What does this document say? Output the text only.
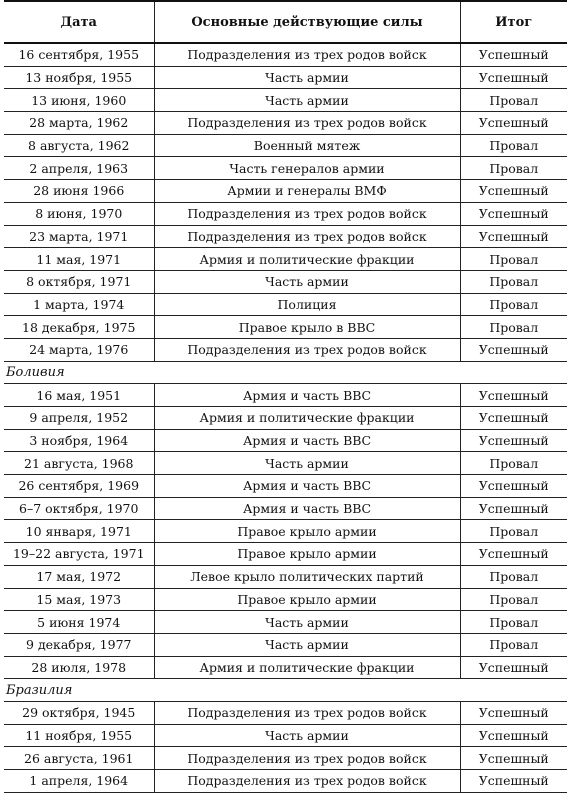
Дата	Основные действующие силы	Итог
16 сентября, 1955	Подразделения из трех родов войск	Успешный
13 ноября, 1955	Часть армии	Успешный
13 июня, 1960	Часть армии	Провал
28 марта, 1962	Подразделения из трех родов войск	Успешный
8 августа, 1962	Военный мятеж	Провал
2 апреля, 1963	Часть генералов армии	Провал
28 июня 1966	Армии и генералы ВМФ	Успешный
8 июня, 1970	Подразделения из трех родов войск	Успешный
23 марта, 1971	Подразделения из трех родов войск	Успешный
11 мая, 1971	Армия и политические фракции	Провал
8 октября, 1971	Часть армии	Провал
1 марта, 1974	Полиция	Провал
18 декабря, 1975	Правое крыло в ВВС	Провал
24 марта, 1976	Подразделения из трех родов войск	Успешный
Боливия		
16 мая, 1951	Армия и часть ВВС	Успешный
9 апреля, 1952	Армия и политические фракции	Успешный
3 ноября, 1964	Армия и часть ВВС	Успешный
21 августа, 1968	Часть армии	Провал
26 сентября, 1969	Армия и часть ВВС	Успешный
6–7 октября, 1970	Армия и часть ВВС	Успешный
10 января, 1971	Правое крыло армии	Провал
19–22 августа, 1971	Правое крыло армии	Успешный
17 мая, 1972	Левое крыло политических партий	Провал
15 мая, 1973	Правое крыло армии	Провал
5 июня 1974	Часть армии	Провал
9 декабря, 1977	Часть армии	Провал
28 июля, 1978	Армия и политические фракции	Успешный
Бразилия		
29 октября, 1945	Подразделения из трех родов войск	Успешный
11 ноября, 1955	Часть армии	Успешный
26 августа, 1961	Подразделения из трех родов войск	Успешный
1 апреля, 1964	Подразделения из трех родов войск	Успешный
